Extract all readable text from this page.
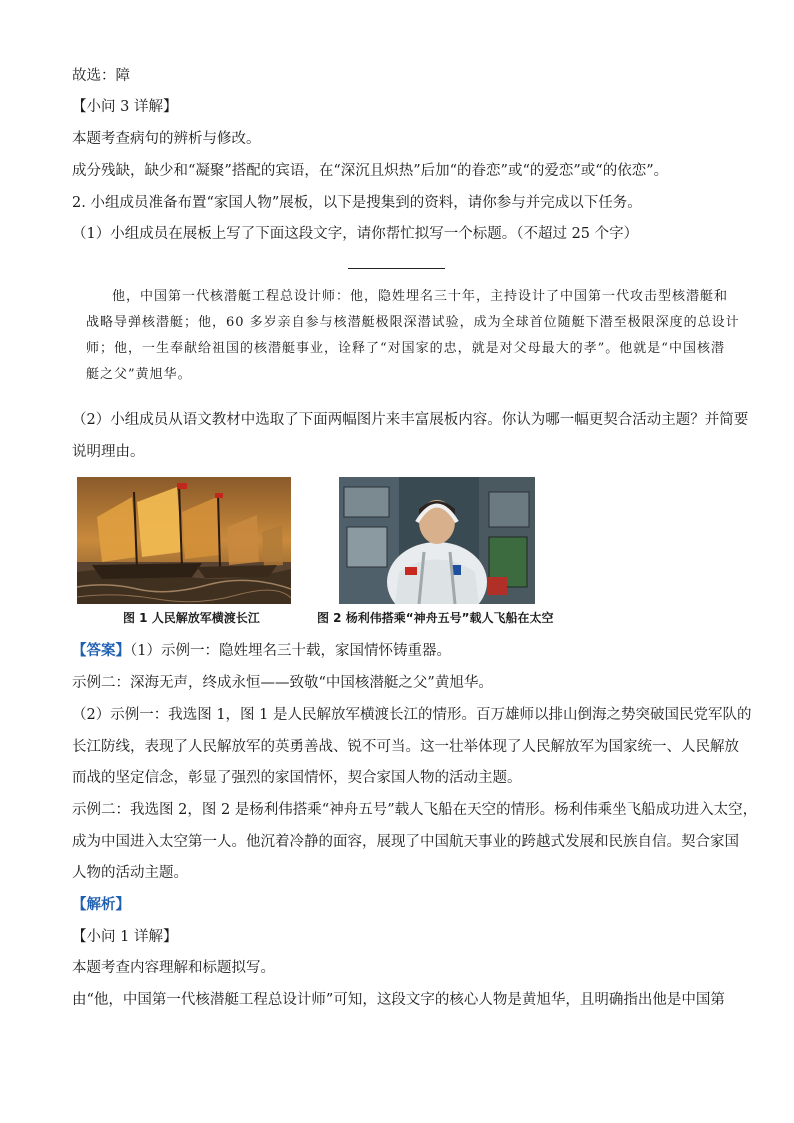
故选：障
【小问 3 详解】
本题考查病句的辨析与修改。
成分残缺，缺少和“凝聚”搭配的宾语，在“深沉且炽热”后加“的眷恋”或“的爱恋”或“的依恋”。
2. 小组成员准备布置“家国人物”展板，以下是搜集到的资料，请你参与并完成以下任务。
（1）小组成员在展板上写了下面这段文字，请你帮忙拟写一个标题。（不超过 25 个字）

他，中国第一代核潜艇工程总设计师：他，隐姓埋名三十年，主持设计了中国第一代攻击型核潜艇和

战略导弹核潜艇；他，60 多岁亲自参与核潜艇极限深潜试验，成为全球首位随艇下潜至极限深度的总设计

师；他，一生奉献给祖国的核潜艇事业，诠释了“对国家的忠，就是对父母最大的孝”。他就是“中国核潜

艇之父”黄旭华。

（2）小组成员从语文教材中选取了下面两幅图片来丰富展板内容。你认为哪一幅更契合活动主题？并简要
说明理由。
图 1 人民解放军横渡长江	图 2 杨利伟搭乘“神舟五号”载人飞船在太空
【答案】（1）示例一：隐姓埋名三十载，家国情怀铸重器。
示例二：深海无声，终成永恒——致敬“中国核潜艇之父”黄旭华。
（2）示例一：我选图 1，图 1 是人民解放军横渡长江的情形。百万雄师以排山倒海之势突破国民党军队的
长江防线，表现了人民解放军的英勇善战、锐不可当。这一壮举体现了人民解放军为国家统一、人民解放
而战的坚定信念，彰显了强烈的家国情怀，契合家国人物的活动主题。
示例二：我选图 2，图 2 是杨利伟搭乘“神舟五号”载人飞船在天空的情形。杨利伟乘坐飞船成功进入太空，
成为中国进入太空第一人。他沉着冷静的面容，展现了中国航天事业的跨越式发展和民族自信。契合家国
人物的活动主题。
【解析】
【小问 1 详解】
本题考查内容理解和标题拟写。
由“他，中国第一代核潜艇工程总设计师”可知，这段文字的核心人物是黄旭华，且明确指出他是中国第
